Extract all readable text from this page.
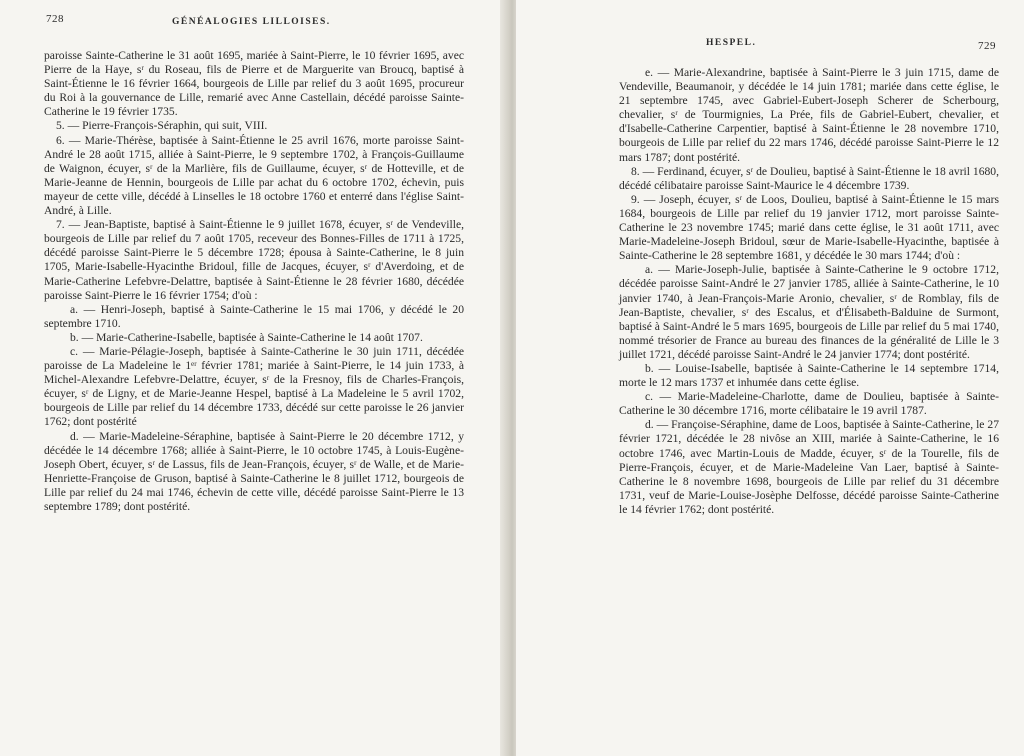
728	GÉNÉALOGIES LILLOISES.

paroisse Sainte-Catherine le 31 août 1695, mariée à Saint-Pierre, le 10 février 1695, avec Pierre de la Haye, sʳ du Roseau, fils de Pierre et de Marguerite van Broucq, baptisé à Saint-Étienne le 16 février 1664, bourgeois de Lille par relief du 3 août 1695, procureur du Roi à la gouvernance de Lille, remarié avec Anne Castellain, décédé paroisse Sainte-Catherine le 19 février 1735.

5. — Pierre-François-Séraphin, qui suit, VIII.

6. — Marie-Thérèse, baptisée à Saint-Étienne le 25 avril 1676, morte paroisse Saint-André le 28 août 1715, alliée à Saint-Pierre, le 9 septembre 1702, à François-Guillaume de Waignon, écuyer, sʳ de la Marlière, fils de Guillaume, écuyer, sʳ de Hotteville, et de Marie-Jeanne de Hennin, bourgeois de Lille par achat du 6 octobre 1702, échevin, puis mayeur de cette ville, décédé à Linselles le 18 octobre 1760 et enterré dans l'église Saint-André, à Lille.

7. — Jean-Baptiste, baptisé à Saint-Étienne le 9 juillet 1678, écuyer, sʳ de Vendeville, bourgeois de Lille par relief du 7 août 1705, receveur des Bonnes-Filles de 1711 à 1725, décédé paroisse Saint-Pierre le 5 décembre 1728; épousa à Sainte-Catherine, le 8 juin 1705, Marie-Isabelle-Hyacinthe Bridoul, fille de Jacques, écuyer, sʳ d'Averdoing, et de Marie-Catherine Lefebvre-Delattre, baptisée à Saint-Étienne le 28 février 1680, décédée paroisse Saint-Pierre le 16 février 1754; d'où :

a. — Henri-Joseph, baptisé à Sainte-Catherine le 15 mai 1706, y décédé le 20 septembre 1710.

b. — Marie-Catherine-Isabelle, baptisée à Sainte-Catherine le 14 août 1707.

c. — Marie-Pélagie-Joseph, baptisée à Sainte-Catherine le 30 juin 1711, décédée paroisse de La Madeleine le 1ᵉʳ février 1781; mariée à Saint-Pierre, le 14 juin 1733, à Michel-Alexandre Lefebvre-Delattre, écuyer, sʳ de la Fresnoy, fils de Charles-François, écuyer, sʳ de Ligny, et de Marie-Jeanne Hespel, baptisé à La Madeleine le 5 avril 1702, bourgeois de Lille par relief du 14 décembre 1733, décédé sur cette paroisse le 26 janvier 1762; dont postérité

d. — Marie-Madeleine-Séraphine, baptisée à Saint-Pierre le 20 décembre 1712, y décédée le 14 décembre 1768; alliée à Saint-Pierre, le 10 octobre 1745, à Louis-Eugène-Joseph Obert, écuyer, sʳ de Lassus, fils de Jean-François, écuyer, sʳ de Walle, et de Marie-Henriette-Françoise de Gruson, baptisé à Sainte-Catherine le 8 juillet 1712, bourgeois de Lille par relief du 24 mai 1746, échevin de cette ville, décédé paroisse Saint-Pierre le 13 septembre 1789; dont postérité.

HESPEL.	729

e. — Marie-Alexandrine, baptisée à Saint-Pierre le 3 juin 1715, dame de Vendeville, Beaumanoir, y décédée le 14 juin 1781; mariée dans cette église, le 21 septembre 1745, avec Gabriel-Eubert-Joseph Scherer de Scherbourg, chevalier, sʳ de Tourmignies, La Prée, fils de Gabriel-Eubert, chevalier, et d'Isabelle-Catherine Carpentier, baptisé à Saint-Étienne le 28 novembre 1710, bourgeois de Lille par relief du 22 mars 1746, décédé paroisse Saint-Pierre le 12 mars 1787; dont postérité.

8. — Ferdinand, écuyer, sʳ de Doulieu, baptisé à Saint-Étienne le 18 avril 1680, décédé célibataire paroisse Saint-Maurice le 4 décembre 1739.

9. — Joseph, écuyer, sʳ de Loos, Doulieu, baptisé à Saint-Étienne le 15 mars 1684, bourgeois de Lille par relief du 19 janvier 1712, mort paroisse Sainte-Catherine le 23 novembre 1745; marié dans cette église, le 31 août 1711, avec Marie-Madeleine-Joseph Bridoul, sœur de Marie-Isabelle-Hyacinthe, baptisée à Sainte-Catherine le 28 septembre 1681, y décédée le 30 mars 1744; d'où :

a. — Marie-Joseph-Julie, baptisée à Sainte-Catherine le 9 octobre 1712, décédée paroisse Saint-André le 27 janvier 1785, alliée à Sainte-Catherine, le 10 janvier 1740, à Jean-François-Marie Aronio, chevalier, sʳ de Romblay, fils de Jean-Baptiste, chevalier, sʳ des Escalus, et d'Élisabeth-Balduine de Surmont, baptisé à Saint-André le 5 mars 1695, bourgeois de Lille par relief du 5 mai 1740, nommé trésorier de France au bureau des finances de la généralité de Lille le 3 juillet 1721, décédé paroisse Saint-André le 24 janvier 1774; dont postérité.

b. — Louise-Isabelle, baptisée à Sainte-Catherine le 14 septembre 1714, morte le 12 mars 1737 et inhumée dans cette église.

c. — Marie-Madeleine-Charlotte, dame de Doulieu, baptisée à Sainte-Catherine le 30 décembre 1716, morte célibataire le 19 avril 1787.

d. — Françoise-Séraphine, dame de Loos, baptisée à Sainte-Catherine, le 27 février 1721, décédée le 28 nivôse an XIII, mariée à Sainte-Catherine, le 16 octobre 1746, avec Martin-Louis de Madde, écuyer, sʳ de la Tourelle, fils de Pierre-François, écuyer, et de Marie-Madeleine Van Laer, baptisé à Sainte-Catherine le 8 novembre 1698, bourgeois de Lille par relief du 31 décembre 1731, veuf de Marie-Louise-Josèphe Delfosse, décédé paroisse Sainte-Catherine le 14 février 1762; dont postérité.
